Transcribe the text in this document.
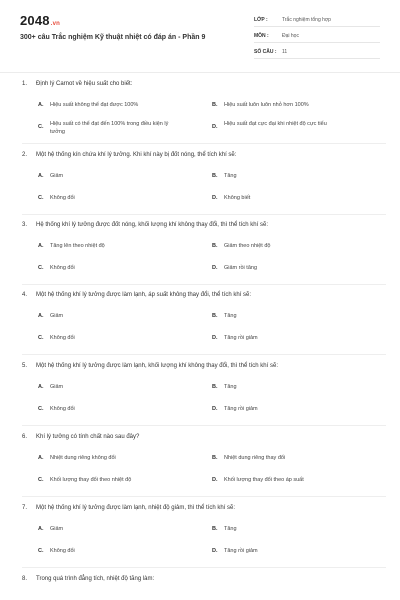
2048.vn
300+ câu Trắc nghiệm Kỹ thuật nhiệt có đáp án - Phần 9
LỚP :	Trắc nghiệm tổng hợp
MÔN :	Đại học
SỐ CÂU : 11
1. Định lý Carnot về hiệu suất cho biết:
A. Hiệu suất không thể đạt được 100%	B. Hiệu suất luôn luôn nhỏ hơn 100%
C. Hiệu suất có thể đạt đến 100% trong điều kiện lý tưởng
D. Hiệu suất đạt cực đại khi nhiệt độ cực tiểu
2. Một hệ thống kín chứa khí lý tưởng. Khi khí này bị đốt nóng, thể tích khí sẽ:
A. Giảm	B. Tăng
C. Không đổi	D. Không biết
3. Hệ thống khí lý tưởng được đốt nóng, khối lượng khí không thay đổi, thì thể tích khí sẽ:
A. Tăng lên theo nhiệt độ	B. Giảm theo nhiệt độ
C. Không đổi	D. Giảm rồi tăng
4. Một hệ thống khí lý tưởng được làm lạnh, áp suất không thay đổi, thể tích khí sẽ:
A. Giảm	B. Tăng
C. Không đổi	D. Tăng rồi giảm
5. Một hệ thống khí lý tưởng được làm lạnh, khối lượng khí không thay đổi, thì thể tích khí sẽ:
A. Giảm	B. Tăng
C. Không đổi	D. Tăng rồi giảm
6. Khí lý tưởng có tính chất nào sau đây?
A. Nhiệt dung riêng không đổi	B. Nhiệt dung riêng thay đổi
C. Khối lượng thay đổi theo nhiệt độ	D. Khối lượng thay đổi theo áp suất
7. Một hệ thống khí lý tưởng được làm lạnh, nhiệt độ giảm, thì thể tích khí sẽ:
A. Giảm	B. Tăng
C. Không đổi	D. Tăng rồi giảm
8. Trong quá trình đẳng tích, nhiệt độ tăng làm:
